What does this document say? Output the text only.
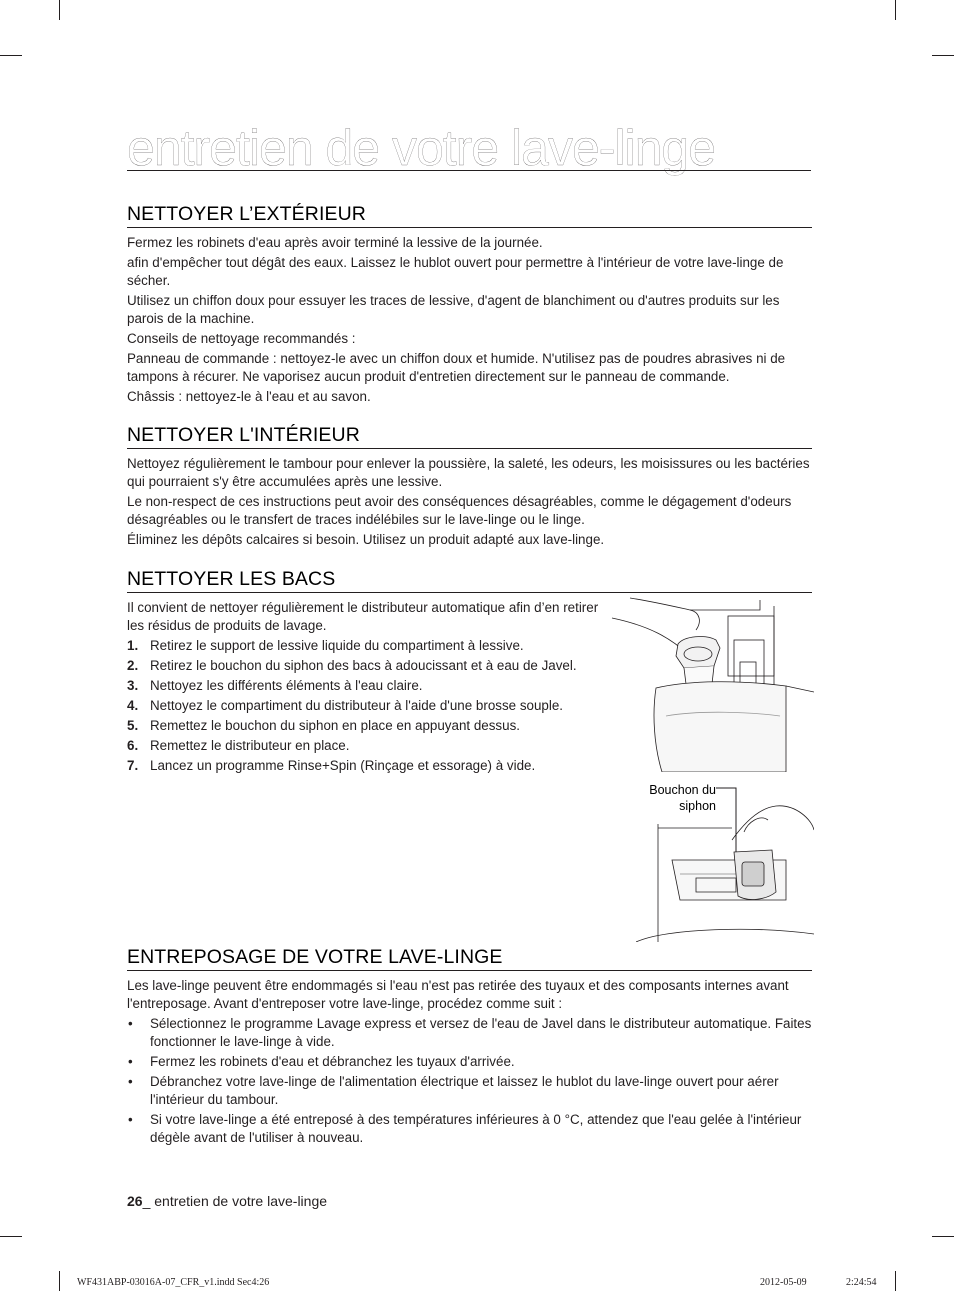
entretien de votre lave-linge
NETTOYER L’EXTÉRIEUR

Fermez les robinets d'eau après avoir terminé la lessive de la journée.

afin d'empêcher tout dégât des eaux. Laissez le hublot ouvert pour permettre à l'intérieur de votre lave-linge de sécher.

Utilisez un chiffon doux pour essuyer les traces de lessive, d'agent de blanchiment ou d'autres produits sur les parois de la machine.

Conseils de nettoyage recommandés :

Panneau de commande : nettoyez-le avec un chiffon doux et humide. N'utilisez pas de poudres abrasives ni de tampons à récurer. Ne vaporisez aucun produit d'entretien directement sur le panneau de commande.

Châssis : nettoyez-le à l'eau et au savon.

NETTOYER L'INTÉRIEUR

Nettoyez régulièrement le tambour pour enlever la poussière, la saleté, les odeurs, les moisissures ou les bactéries qui pourraient s'y être accumulées après une lessive.

Le non-respect de ces instructions peut avoir des conséquences désagréables, comme le dégagement d'odeurs désagréables ou le transfert de traces indélébiles sur le lave-linge ou le linge.

Éliminez les dépôts calcaires si besoin. Utilisez un produit adapté aux lave-linge.

NETTOYER LES BACS

Il convient de nettoyer régulièrement le distributeur automatique afin d’en retirer les résidus de produits de lavage.

1. Retirez le support de lessive liquide du compartiment à lessive.
2. Retirez le bouchon du siphon des bacs à adoucissant et à eau de Javel.
3. Nettoyez les différents éléments à l'eau claire.
4. Nettoyez le compartiment du distributeur à l'aide d'une brosse souple.
5. Remettez le bouchon du siphon en place en appuyant dessus.
6. Remettez le distributeur en place.
7. Lancez un programme Rinse+Spin (Rinçage et essorage) à vide.
Bouchon du siphon
ENTREPOSAGE DE VOTRE LAVE-LINGE

Les lave-linge peuvent être endommagés si l'eau n'est pas retirée des tuyaux et des composants internes avant l'entreposage. Avant d'entreposer votre lave-linge, procédez comme suit :

• Sélectionnez le programme Lavage express et versez de l'eau de Javel dans le distributeur automatique. Faites fonctionner le lave-linge à vide.
• Fermez les robinets d'eau et débranchez les tuyaux d'arrivée.
• Débranchez votre lave-linge de l'alimentation électrique et laissez le hublot du lave-linge ouvert pour aérer l'intérieur du tambour.
• Si votre lave-linge a été entreposé à des températures inférieures à 0 °C, attendez que l'eau gelée à l'intérieur dégèle avant de l'utiliser à nouveau.
26_ entretien de votre lave-linge
WF431ABP-03016A-07_CFR_v1.indd Sec4:26	2012-05-09	2:24:54
